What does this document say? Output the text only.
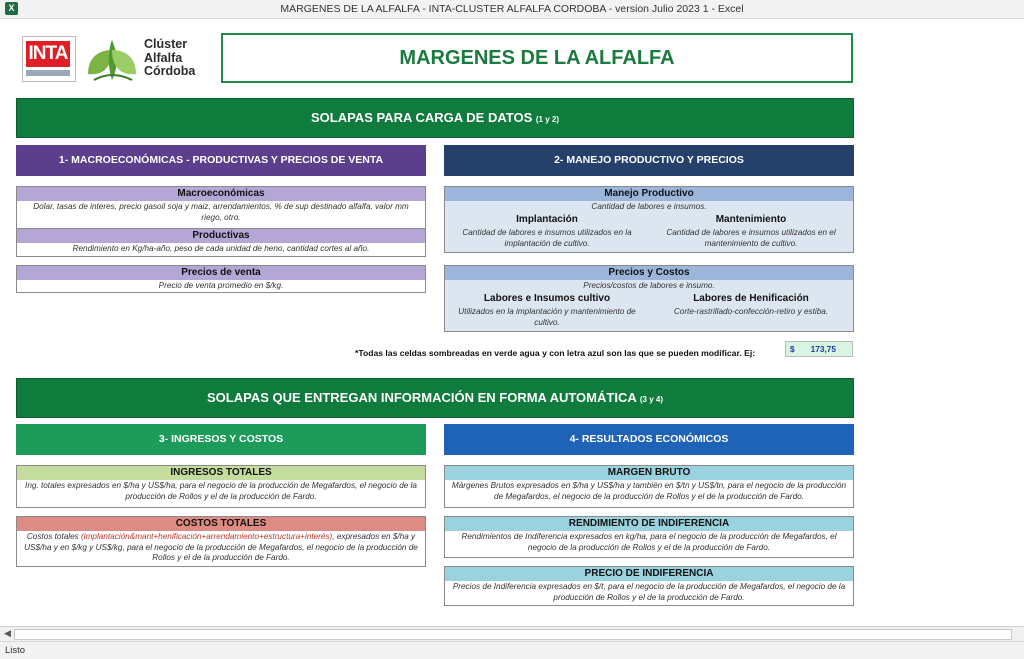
X	MARGENES DE LA ALFALFA - INTA-CLUSTER ALFALFA CORDOBA - version Julio 2023 1 - Excel
INTA	Clúster
Alfalfa
Córdoba
MARGENES DE LA ALFALFA
SOLAPAS PARA CARGA DE DATOS (1 y 2)
1- MACROECONÓMICAS - PRODUCTIVAS Y PRECIOS DE VENTA	2- MANEJO PRODUCTIVO Y PRECIOS
Macroeconómicas
Dolar, tasas de interes, precio gasoil soja y maiz, arrendamientos, % de sup destinado alfalfa, valor mm riego, otro.
Productivas
Rendimiento en Kg/ha-año, peso de cada unidad de heno, cantidad cortes al año.
Precios de venta
Precio de venta promedio en $/kg.
Manejo Productivo
Cantidad de labores e insumos.
Implantación
Cantidad de labores e insumos utilizados en la implantación de cultivo.
Mantenimiento
Cantidad de labores e insumos utilizados en el mantenimiento de cultivo.
Precios y Costos
Precios/costos de labores e insumo.
Labores e Insumos cultivo
Utilizados en la implantación y mantenimiento de cultivo.
Labores de Henificación
Corte-rastrillado-confección-retiro y estiba.
*Todas las celdas sombreadas en verde agua y con letra azul son las que se pueden modificar. Ej:	$ 173,75
SOLAPAS QUE ENTREGAN INFORMACIÓN EN FORMA AUTOMÁTICA (3 y 4)
3- INGRESOS Y COSTOS	4- RESULTADOS ECONÓMICOS
INGRESOS TOTALES
Ing. totales expresados en $/ha y US$/ha, para el negocio de la producción de Megafardos, el negocio de la producción de Rollos y el de la producción de Fardo.
COSTOS TOTALES
Costos totales (implantación&mant+henificación+arrendamiento+estructura+interés), expresados en $/ha y US$/ha y en $/kg y US$/kg, para el negocio de la producción de Megafardos, el negocio de la producción de Rollos y el de la producción de Fardo.
MARGEN BRUTO
Márgenes Brutos expresados en $/ha y US$/ha y también en $/tn y US$/tn, para el negocio de la producción de Megafardos, el negocio de la producción de Rollos y el de la producción de Fardo.
RENDIMIENTO DE INDIFERENCIA
Rendimientos de Indiferencia expresados en kg/ha, para el negocio de la producción de Megafardos, el negocio de la producción de Rollos y el de la producción de Fardo.
PRECIO DE INDIFERENCIA
Precios de Indiferencia expresados en $/t, para el negocio de la producción de Megafardos, el negocio de la producción de Rollos y el de la producción de Fardo.
◀
Listo
